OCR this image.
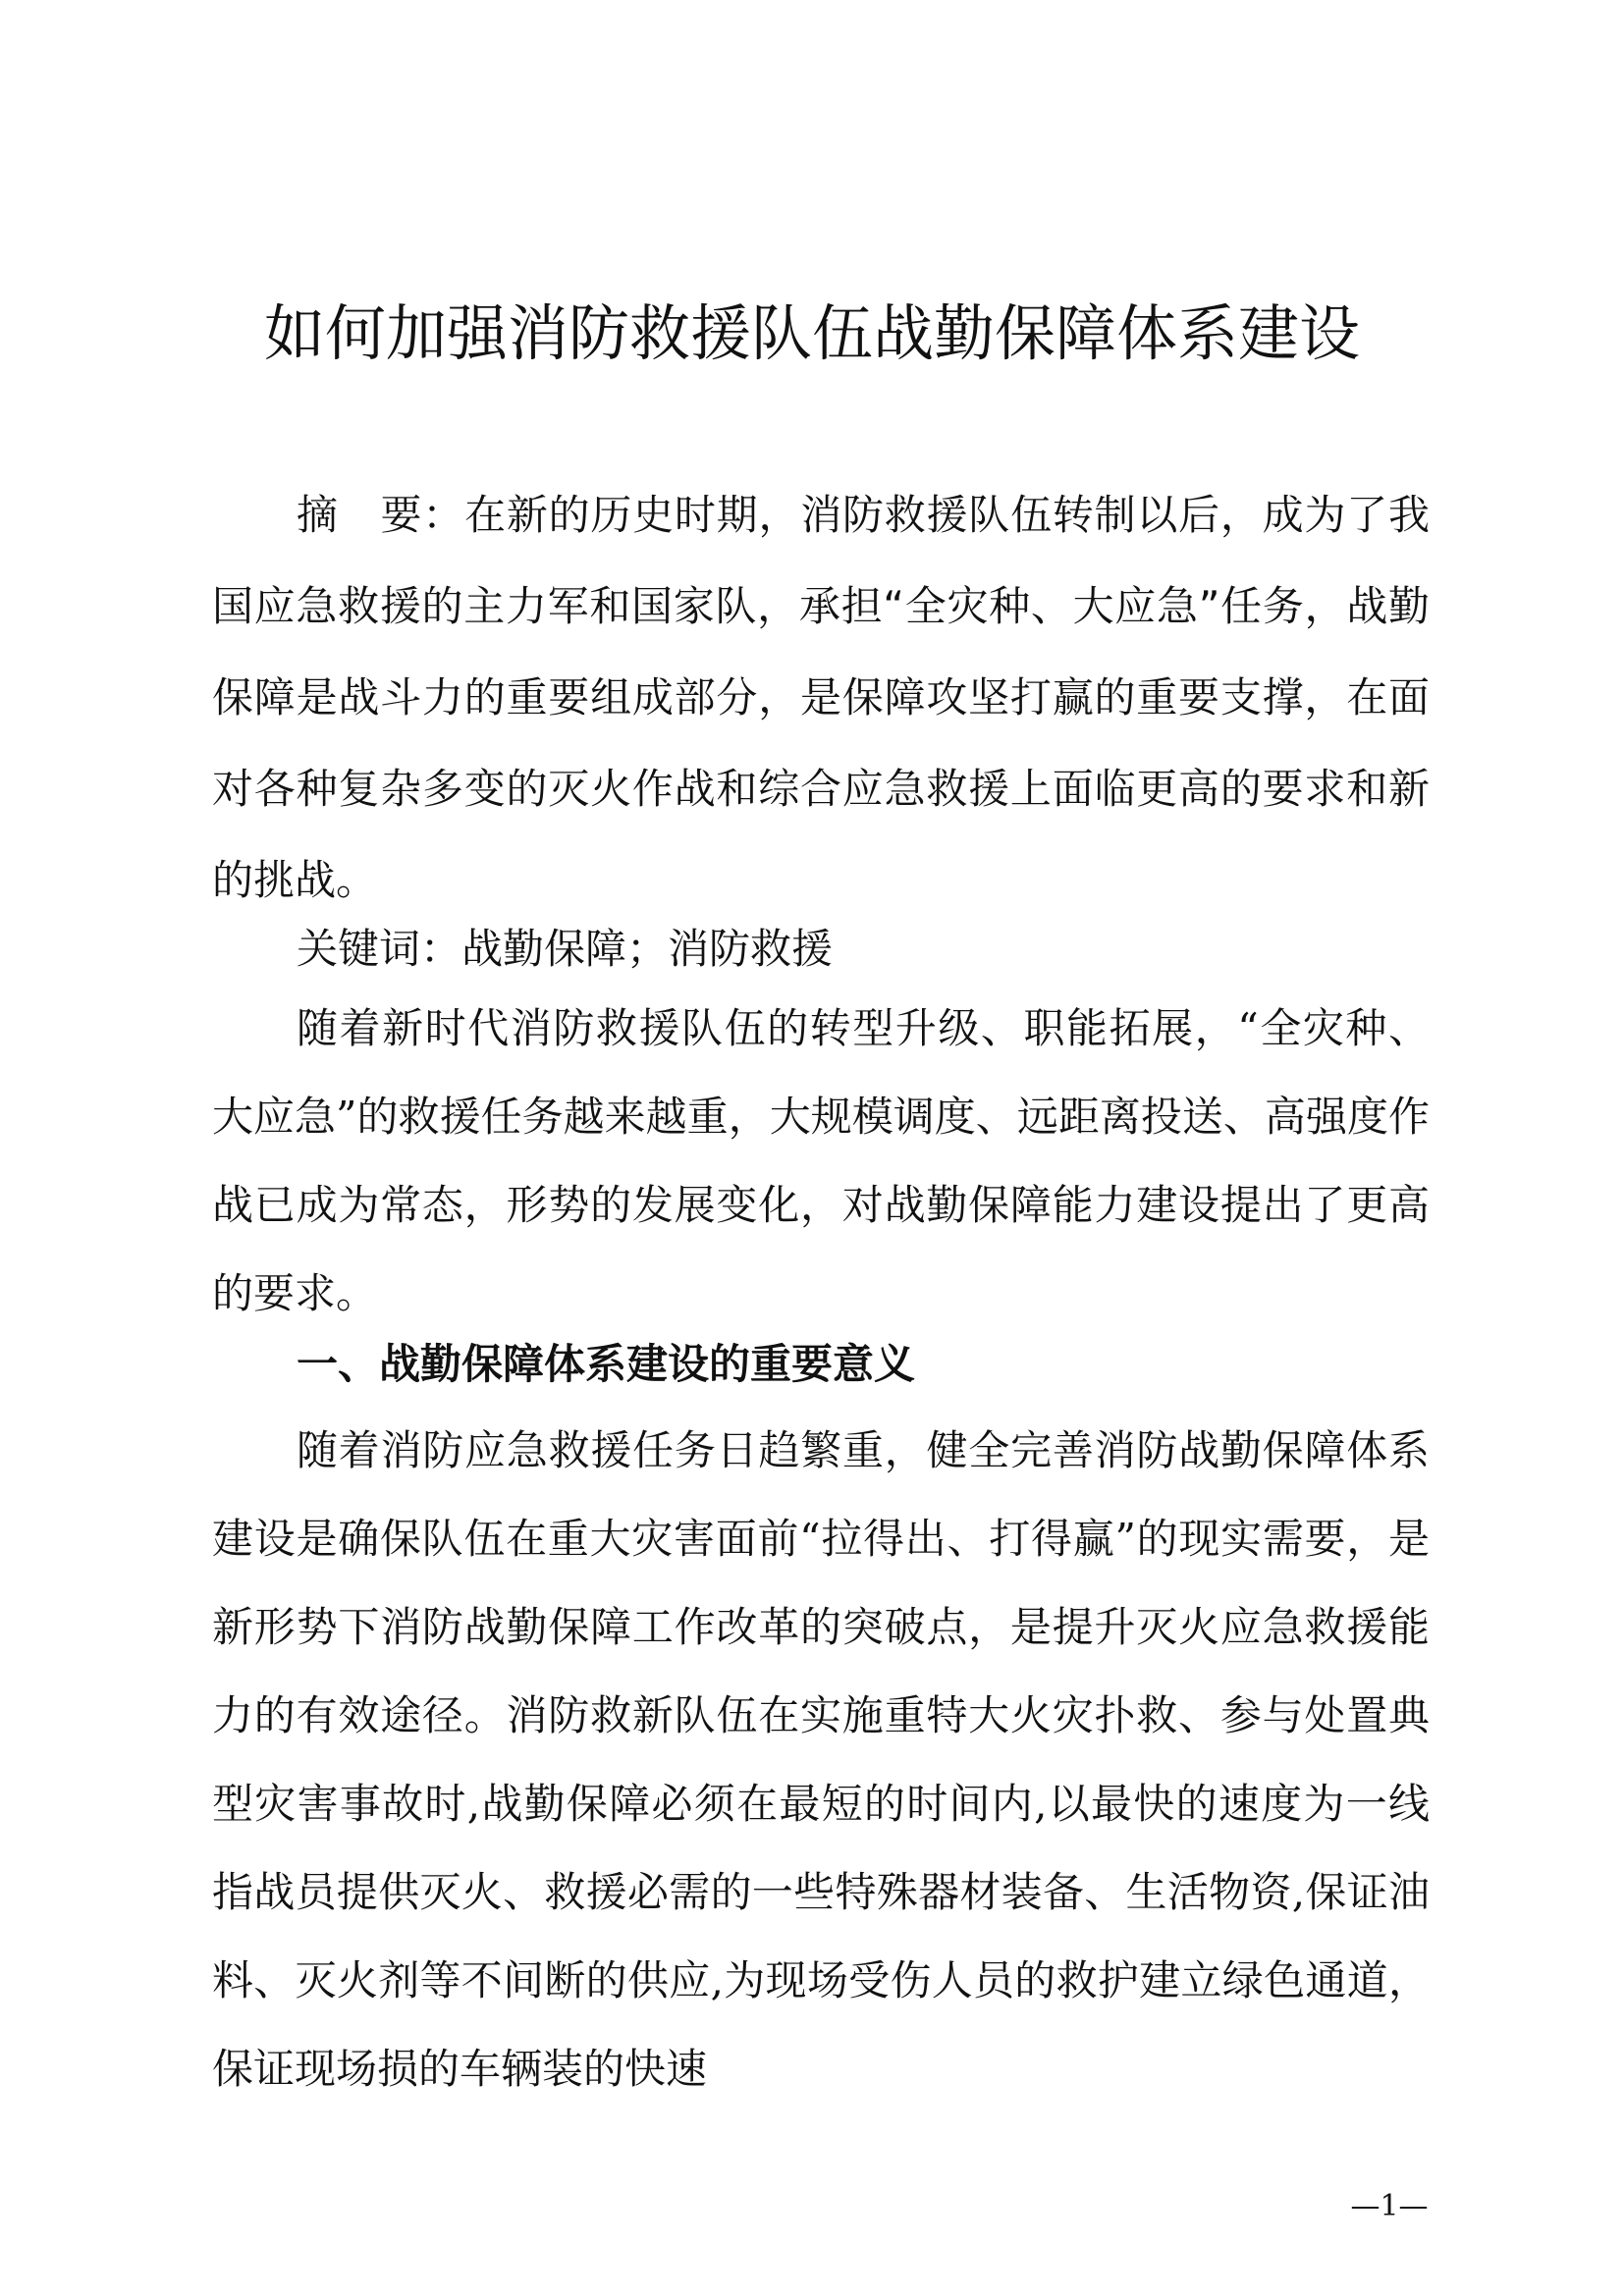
如何加强消防救援队伍战勤保障体系建设

摘　要：在新的历史时期，消防救援队伍转制以后，成为了我国应急救援的主力军和国家队，承担“全灾种、大应急”任务，战勤保障是战斗力的重要组成部分，是保障攻坚打赢的重要支撑，在面对各种复杂多变的灭火作战和综合应急救援上面临更高的要求和新的挑战。

关键词：战勤保障；消防救援

随着新时代消防救援队伍的转型升级、职能拓展，“全灾种、大应急”的救援任务越来越重，大规模调度、远距离投送、高强度作战已成为常态，形势的发展变化，对战勤保障能力建设提出了更高的要求。

一、战勤保障体系建设的重要意义

随着消防应急救援任务日趋繁重，健全完善消防战勤保障体系建设是确保队伍在重大灾害面前“拉得出、打得赢”的现实需要，是新形势下消防战勤保障工作改革的突破点，是提升灭火应急救援能力的有效途径。消防救新队伍在实施重特大火灾扑救、参与处置典型灾害事故时,战勤保障必须在最短的时间内,以最快的速度为一线指战员提供灭火、救援必需的一些特殊器材装备、生活物资,保证油料、灭火剂等不间断的供应,为现场受伤人员的救护建立绿色通道，保证现场损的车辆装的快速

—1—
